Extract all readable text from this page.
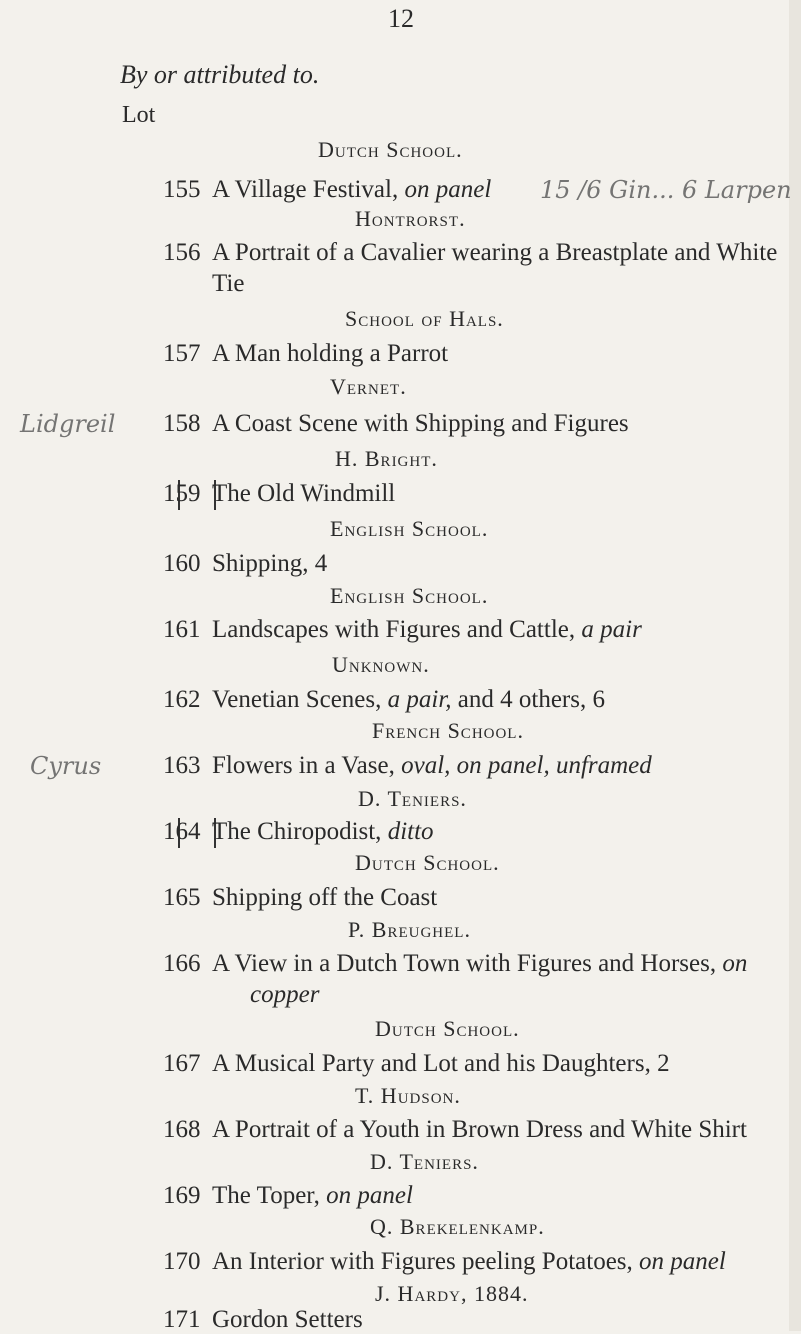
12
By or attributed to.
Lot
Dutch School.
155 A Village Festival, on panel 15 /6 Gin... 6 Larpen
Hontrorst.
156 A Portrait of a Cavalier wearing a Breastplate and White
Tie
School of Hals.
157 A Man holding a Parrot
Vernet.
158 A Coast Scene with Shipping and Figures
Lidgreil
H. Bright.
159 The Old Windmill
English School.
160 Shipping, 4
English School.
161 Landscapes with Figures and Cattle, a pair
Unknown.
162 Venetian Scenes, a pair, and 4 others, 6
French School.
163 Flowers in a Vase, oval, on panel, unframed
Cyrus
D. Teniers.
164 The Chiropodist, ditto
Dutch School.
165 Shipping off the Coast
P. Breughel.
166 A View in a Dutch Town with Figures and Horses, on
copper
Dutch School.
167 A Musical Party and Lot and his Daughters, 2
T. Hudson.
168 A Portrait of a Youth in Brown Dress and White Shirt
D. Teniers.
169 The Toper, on panel
Q. Brekelenkamp.
170 An Interior with Figures peeling Potatoes, on panel
J. Hardy, 1884.
171 Gordon Setters
